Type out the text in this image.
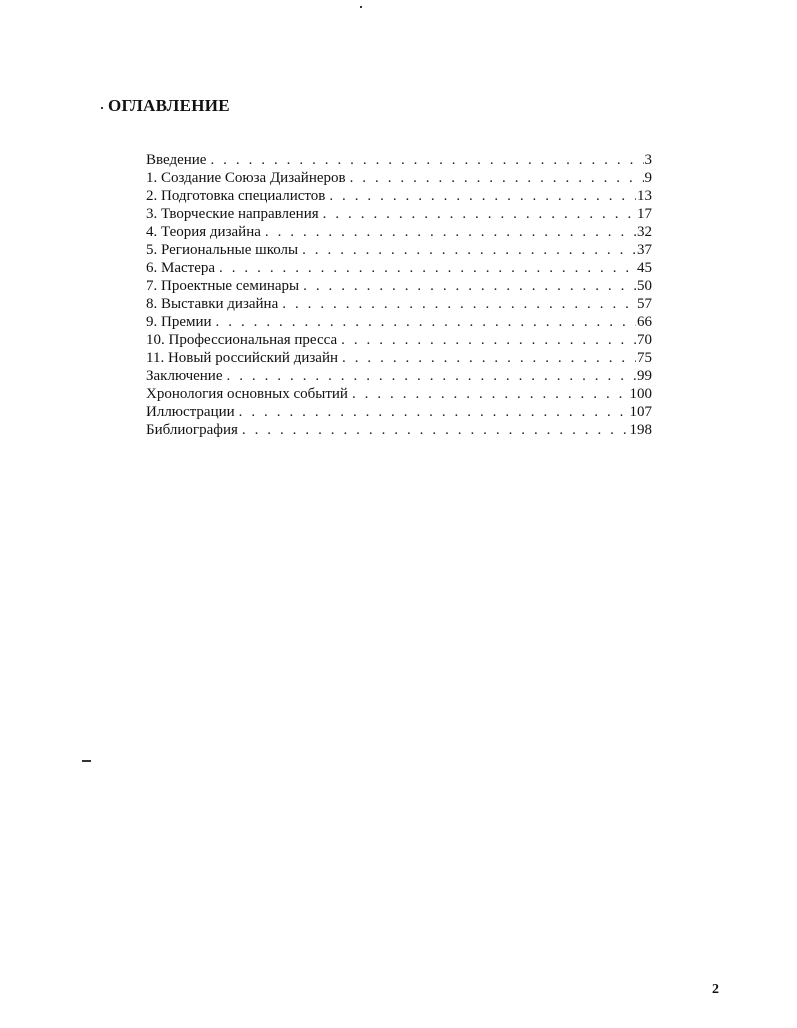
ОГЛАВЛЕНИЕ
Введение . . .	3
1. Создание Союза Дизайнеров . . .	9
2. Подготовка специалистов . . .	13
3. Творческие направления . . .	17
4. Теория дизайна . . .	32
5. Региональные школы . . .	37
6. Мастера . . .	45
7. Проектные семинары . . .	50
8. Выставки дизайна . . .	57
9. Премии . . .	66
10. Профессиональная пресса . . .	70
11. Новый российский дизайн . . .	75
Заключение . . .	99
Хронология основных событий . . .	100
Иллюстрации . . .	107
Библиография . . .	198
2
